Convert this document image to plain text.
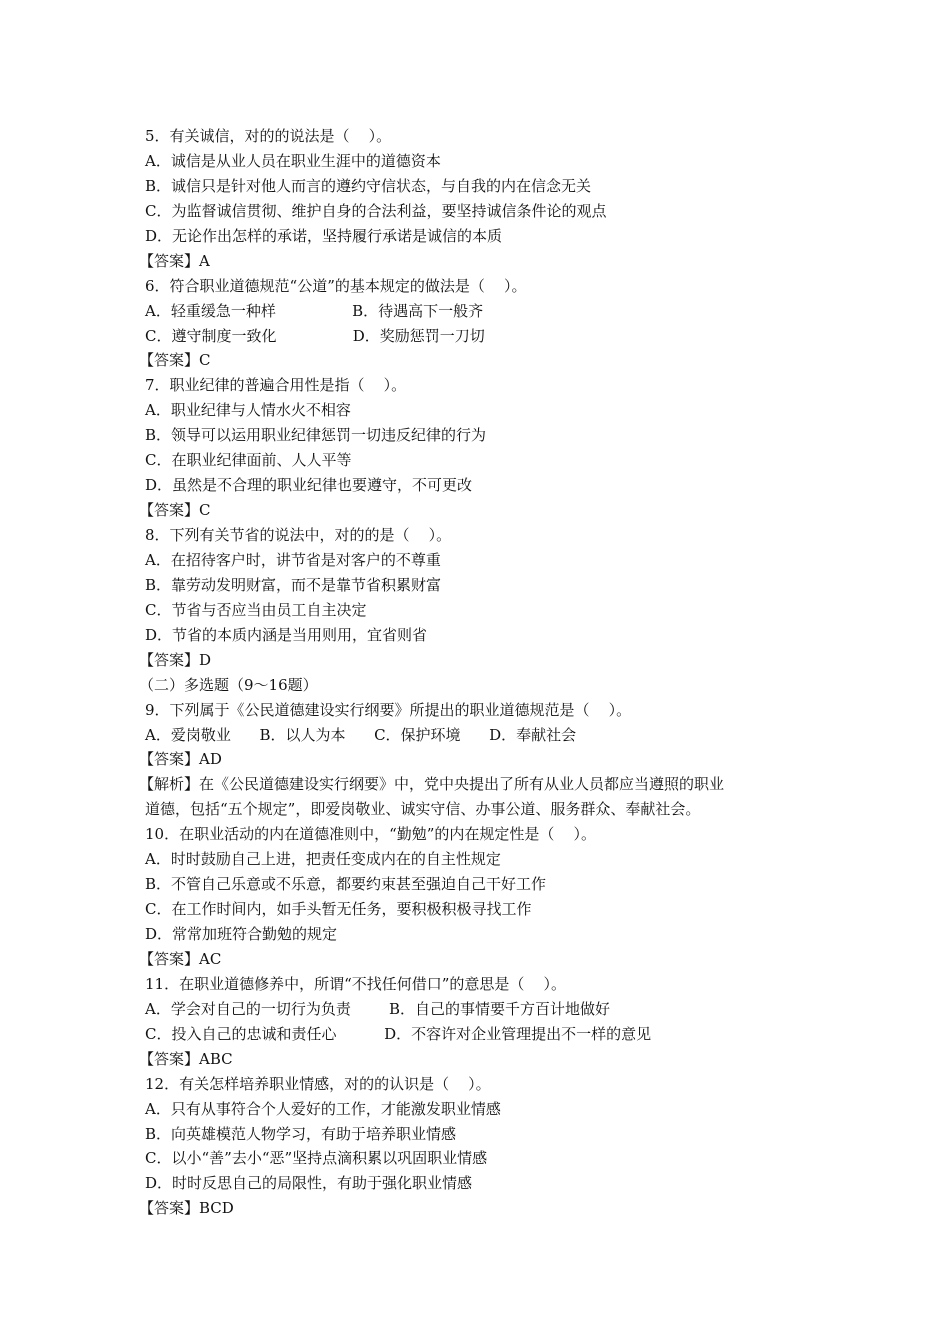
5．有关诚信，对的的说法是（    ）。
A．诚信是从业人员在职业生涯中的道德资本
B．诚信只是针对他人而言的遵约守信状态，与自我的内在信念无关
C．为监督诚信贯彻、维护自身的合法利益，要坚持诚信条件论的观点
D．无论作出怎样的承诺，坚持履行承诺是诚信的本质
【答案】A
6．符合职业道德规范“公道”的基本规定的做法是（    ）。
A．轻重缓急一种样                B．待遇高下一般齐
C．遵守制度一致化                D．奖励惩罚一刀切
【答案】C
7．职业纪律的普遍合用性是指（    ）。
A．职业纪律与人情水火不相容
B．领导可以运用职业纪律惩罚一切违反纪律的行为
C．在职业纪律面前、人人平等
D．虽然是不合理的职业纪律也要遵守，不可更改
【答案】C
8．下列有关节省的说法中，对的的是（    ）。
A．在招待客户时，讲节省是对客户的不尊重
B．靠劳动发明财富，而不是靠节省积累财富
C．节省与否应当由员工自主决定
D．节省的本质内涵是当用则用，宜省则省
【答案】D
（二）多选题（9～16题）
9．下列属于《公民道德建设实行纲要》所提出的职业道德规范是（    ）。
A．爱岗敬业      B．以人为本      C．保护环境      D．奉献社会
【答案】AD
【解析】在《公民道德建设实行纲要》中，党中央提出了所有从业人员都应当遵照的职业
道德，包括“五个规定”，即爱岗敬业、诚实守信、办事公道、服务群众、奉献社会。
10．在职业活动的内在道德准则中，“勤勉”的内在规定性是（    ）。
A．时时鼓励自己上进，把责任变成内在的自主性规定
B．不管自己乐意或不乐意，都要约束甚至强迫自己干好工作
C．在工作时间内，如手头暂无任务，要积极积极寻找工作
D．常常加班符合勤勉的规定
【答案】AC
11．在职业道德修养中，所谓“不找任何借口”的意思是（    ）。
A．学会对自己的一切行为负责        B．自己的事情要千方百计地做好
C．投入自己的忠诚和责任心          D．不容许对企业管理提出不一样的意见
【答案】ABC
12．有关怎样培养职业情感，对的的认识是（    ）。
A．只有从事符合个人爱好的工作，才能激发职业情感
B．向英雄模范人物学习，有助于培养职业情感
C．以小“善”去小“恶”坚持点滴积累以巩固职业情感
D．时时反思自己的局限性，有助于强化职业情感
【答案】BCD
